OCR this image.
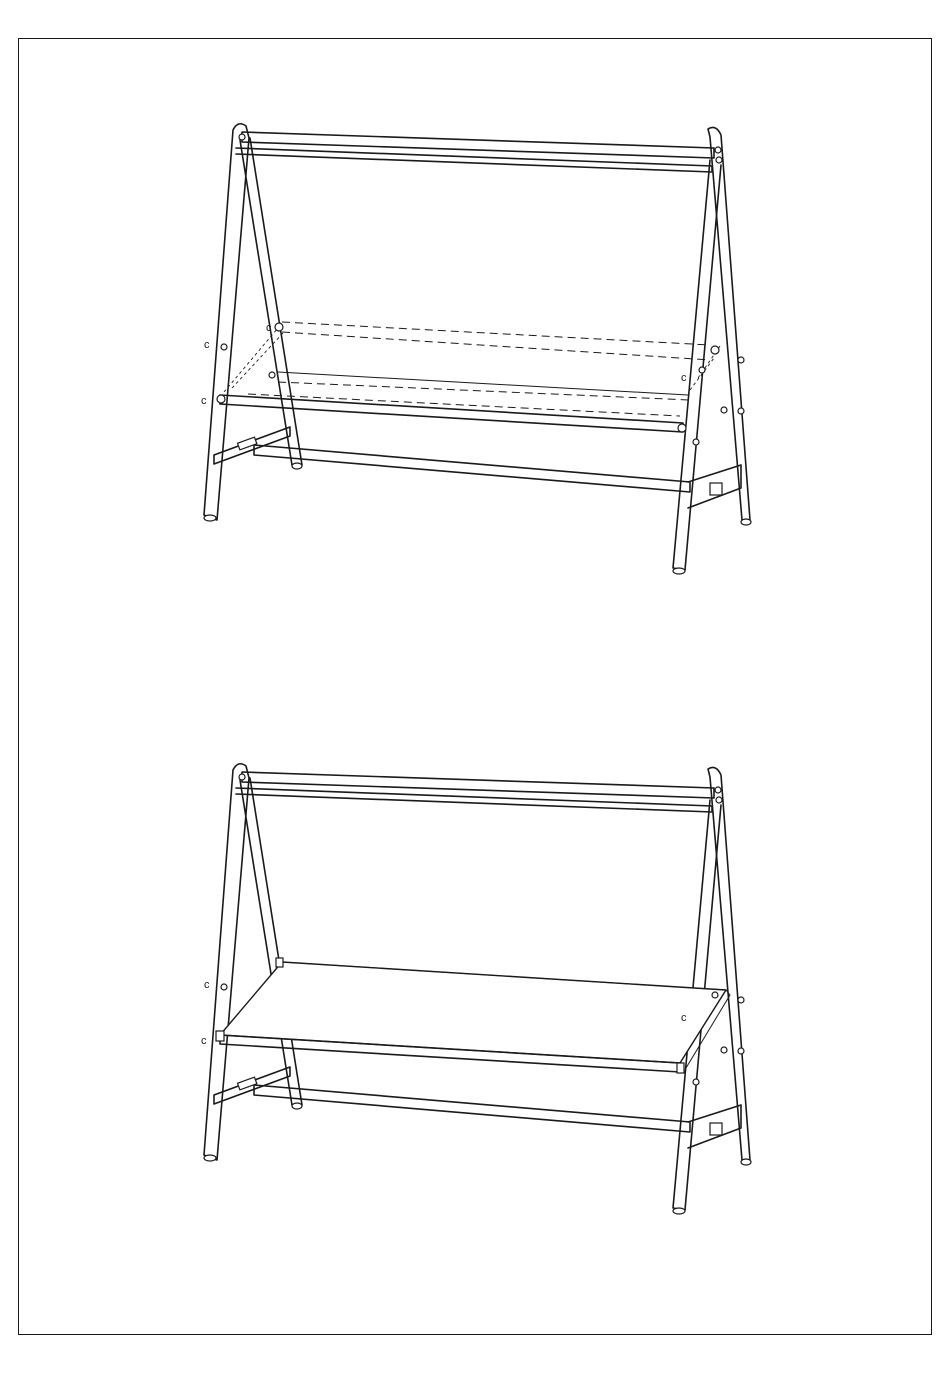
c
c
c
c
c
c
c
